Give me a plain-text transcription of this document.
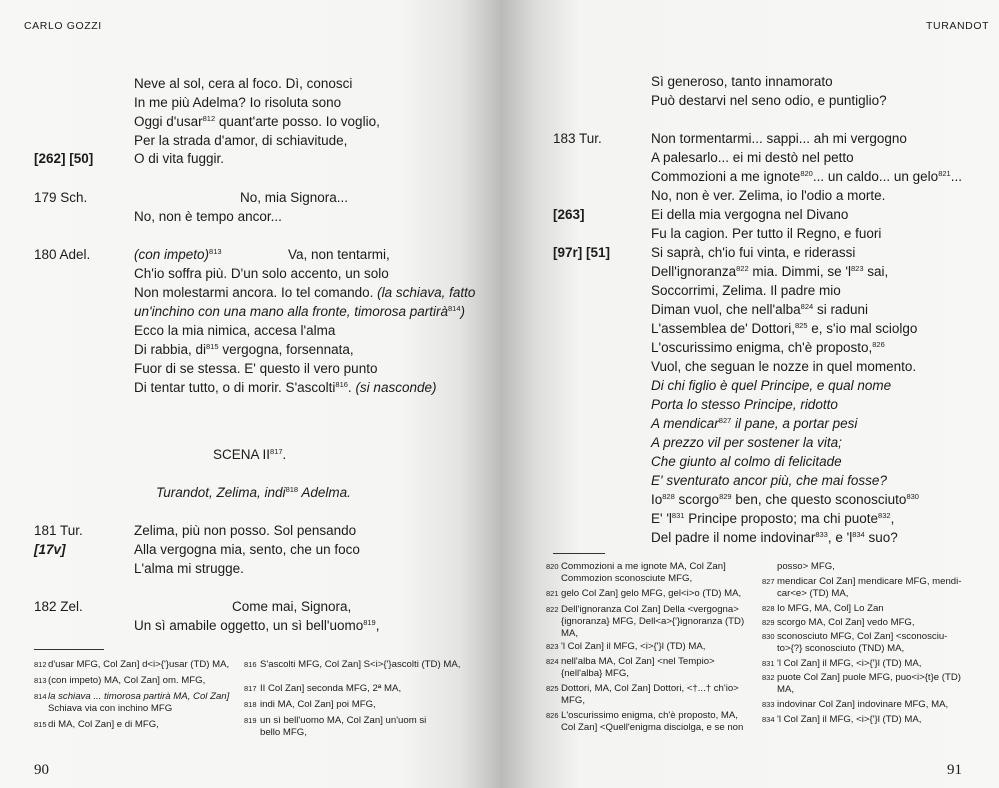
CARLO GOZZI
Neve al sol, cera al foco. Dì, conosci
In me più Adelma? Io risoluta sono
Oggi d'usar$^{812}$ quant'arte posso. Io voglio,
Per la strada d'amor, di schiavitude,
[262] [50]	O di vita fuggir.
179 Sch.	No, mia Signora...
No, non è tempo ancor...
180 Adel.	(con impeto)$^{813}$	Va, non tentarmi,
Ch'io soffra più. D'un solo accento, un solo
Non molestarmi ancora. Io tel comando. (la schiava, fatto
un'inchino con una mano alla fronte, timorosa partirà$^{814}$)
Ecco la mia nimica, accesa l'alma
Di rabbia, $di^{815}$ vergogna, forsennata,
Fuor di se stessa. E' questo il vero punto
Di tentar tutto, o di morir. S'ascolti$^{816}$. (si nasconde)
SCENA II$^{817}$.
Turandot, Zelima, indi$^{818}$ Adelma.
181 Tur.	Zelima, più non posso. Sol pensando
[17v]	Alla vergogna mia, sento, che un foco
L'alma mi strugge.
182 Zel.	Come mai, Signora,
Un sì amabile oggetto, un sì bell'uomo$^{819}$,
812 d'usar MFG, Col Zan] d<i>{'}usar (TD) MA,
813 (con impeto) MA, Col Zan] om. MFG,
814 la schiava ... timorosa partirà MA, Col Zan]
Schiava via con inchino MFG
815 di MA, Col Zan] e di MFG,
816 S'ascolti MFG, Col Zan] S<i>{'}ascolti (TD) MA,
817 II Col Zan] seconda MFG, 2ª MA,
818 indi MA, Col Zan] poi MFG,
819 un sì bell'uomo MA, Col Zan] un'uom si
bello MFG,
90
TURANDOT
Sì generoso, tanto innamorato
Può destarvi nel seno odio, e puntiglio?
183 Tur.	Non tormentarmi... sappi... ah mi vergogno
A palesarlo... ei mi destò nel petto
Commozioni a me ignote$^{820}$... un caldo... un gelo$^{821}$...
No, non è ver. Zelima, io l'odio a morte.
[263]	Ei della mia vergogna nel Divano
Fu la cagion. Per tutto il Regno, e fuori
[97r] [51]	Si saprà, ch'io fui vinta, e riderassi
Dell'ignoranza$^{822}$ mia. Dimmi, se '$l^{823}$ sai,
Soccorrimi, Zelima. Il padre mio
Diman vuol, che nell'alba$^{824}$ si raduni
L'assemblea de' Dottori,$^{825}$ e, s'io mal sciolgo
L'oscurissimo enigma, ch'è proposto,$^{826}$
Vuol, che seguan le nozze in quel momento.
Di chi figlio è quel Principe, e qual nome
Porta lo stesso Principe, ridotto
A mendicar$^{827}$ il pane, a portar pesi
A prezzo vil per sostener la vita;
Che giunto al colmo di felicitade
E' sventurato ancor più, che mai fosse?
Io$^{828}$ scorgo$^{829}$ ben, che questo sconosciuto$^{830}$
E' '$l^{831}$ Principe proposto; ma chi puote$^{832}$,
Del padre il nome indovinar$^{833}$, e '$l^{834}$ suo?
820 Commozioni a me ignote MA, Col Zan]
Commozion sconosciute MFG,
821 gelo Col Zan] gelo MFG, gel<i>o (TD) MA,
822 Dell'ignoranza Col Zan] Della <vergogna>
{ignoranza} MFG, Dell<a>{'}ignoranza (TD)
MA,
823 'l Col Zan] il MFG, <i>{'}l (TD) MA,
824 nell'alba MA, Col Zan] <nel Tempio>
{nell'alba} MFG,
825 Dottori, MA, Col Zan] Dottori, <†...† ch'io>
MFG,
826 L'oscurissimo enigma, ch'è proposto, MA,
Col Zan] <Quell'enigma disciolga, e se non
posso> MFG,
827 mendicar Col Zan] mendicare MFG, mendi-
car<e> (TD) MA,
828 Io MFG, MA, Col] Lo Zan
829 scorgo MA, Col Zan] vedo MFG,
830 sconosciuto MFG, Col Zan] <sconosciu-
to>{?} sconosciuto (TND) MA,
831 'l Col Zan] il MFG, <i>{'}l (TD) MA,
832 puote Col Zan] puole MFG, puo<i>{t}e (TD)
MA,
833 indovinar Col Zan] indovinare MFG, MA,
834 'l Col Zan] il MFG, <i>{'}l (TD) MA,
91
